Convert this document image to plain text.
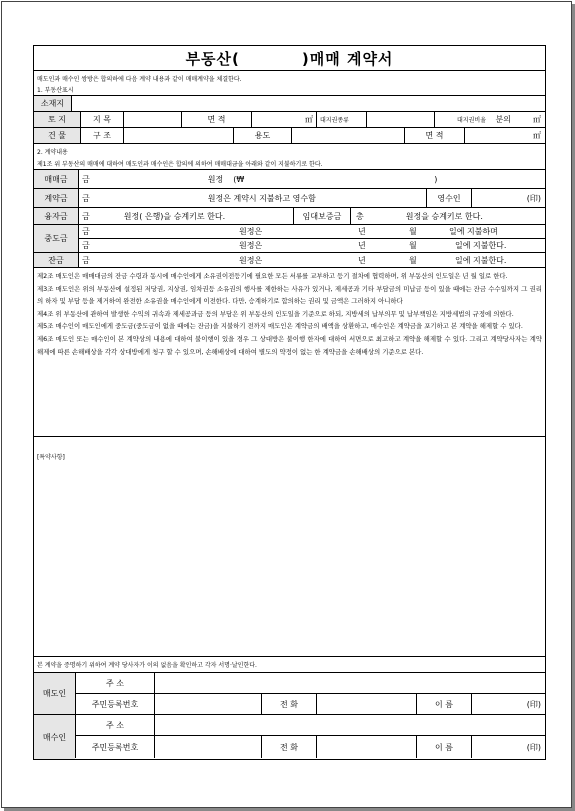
부동산(	)매매 계약서
매도인과 매수인 쌍방은 합의하에 다음 계약 내용과 같이 매매계약을 체결한다.
1. 부동산표시
소재지
토 지	지 목	면 적	㎡	대지권종류	대지권비율	분의	㎡
건 물	구 조	용도	면 적	㎡
2. 계약내용
제1조 위 부동산의 매매에 대하여 매도인과 매수인은 합의에 의하여 매매대금을 아래와 같이 지불하기로 한다.
매매금	금	원정 (₩	)
계약금	금	원정은 계약시 지불하고 영수함	영수인	(印)
융자금	금	원정( 은행)을 승계키로 한다.	임대보증금	총	원정을 승계키로 한다.
중도금
금	원정은	년	월	일에 지불하며
금	원정은	년	월	일에 지불한다.
잔금	금	원정은	년	월	일에 지불한다.

제2조 매도인은 매매대금의 잔금 수령과 동시에 매수인에게 소유권이전등기에 필요한 모든 서류를 교부하고 등기 절차에 협력하며, 위 부동산의 인도일은 년 월 일로 한다.

제3조 매도인은 위의 부동산에 설정된 저당권, 지상권, 임차권등 소유권의 행사를 제한하는 사유가 있거나, 제세공과 기타 부담금의 미납금 등이 있을 때에는 잔금 수수일까지 그 권리의 하자 및 부담 등을 제거하여 완전한 소유권을 매수인에게 이전한다. 다만, 승계하기로 합의하는 권리 및 금액은 그러하지 아니하다

제4조 위 부동산에 관하여 발생한 수익의 귀속과 제세공과금 등의 부담은 위 부동산의 인도일을 기준으로 하되, 지방세의 납부의무 및 납부책임은 지방세법의 규정에 의한다.

제5조 매수인이 매도인에게 중도금(중도금이 없을 때에는 잔금)을 지불하기 전까지 매도인은 계약금의 배액을 상환하고, 매수인은 계약금을 포기하고 본 계약을 해제할 수 있다.

제6조 매도인 또는 매수인이 본 계약상의 내용에 대하여 불이행이 있을 경우 그 상대방은 불이행 한자에 대하여 서면으로 최고하고 계약을 해제할 수 있다. 그리고 계약당사자는 계약해제에 따른 손해배상을 각각 상대방에게 청구 할 수 있으며, 손해배상에 대하여 별도의 약정이 없는 한 계약금을 손해배상의 기준으로 본다.

[특약사항]
본 계약을 증명하기 위하여 계약 당사자가 이의 없음을 확인하고 각자 서명·날인한다.
매도인
주 소
주민등록번호	전 화	이 름	(印)
매수인
주 소
주민등록번호	전 화	이 름	(印)
